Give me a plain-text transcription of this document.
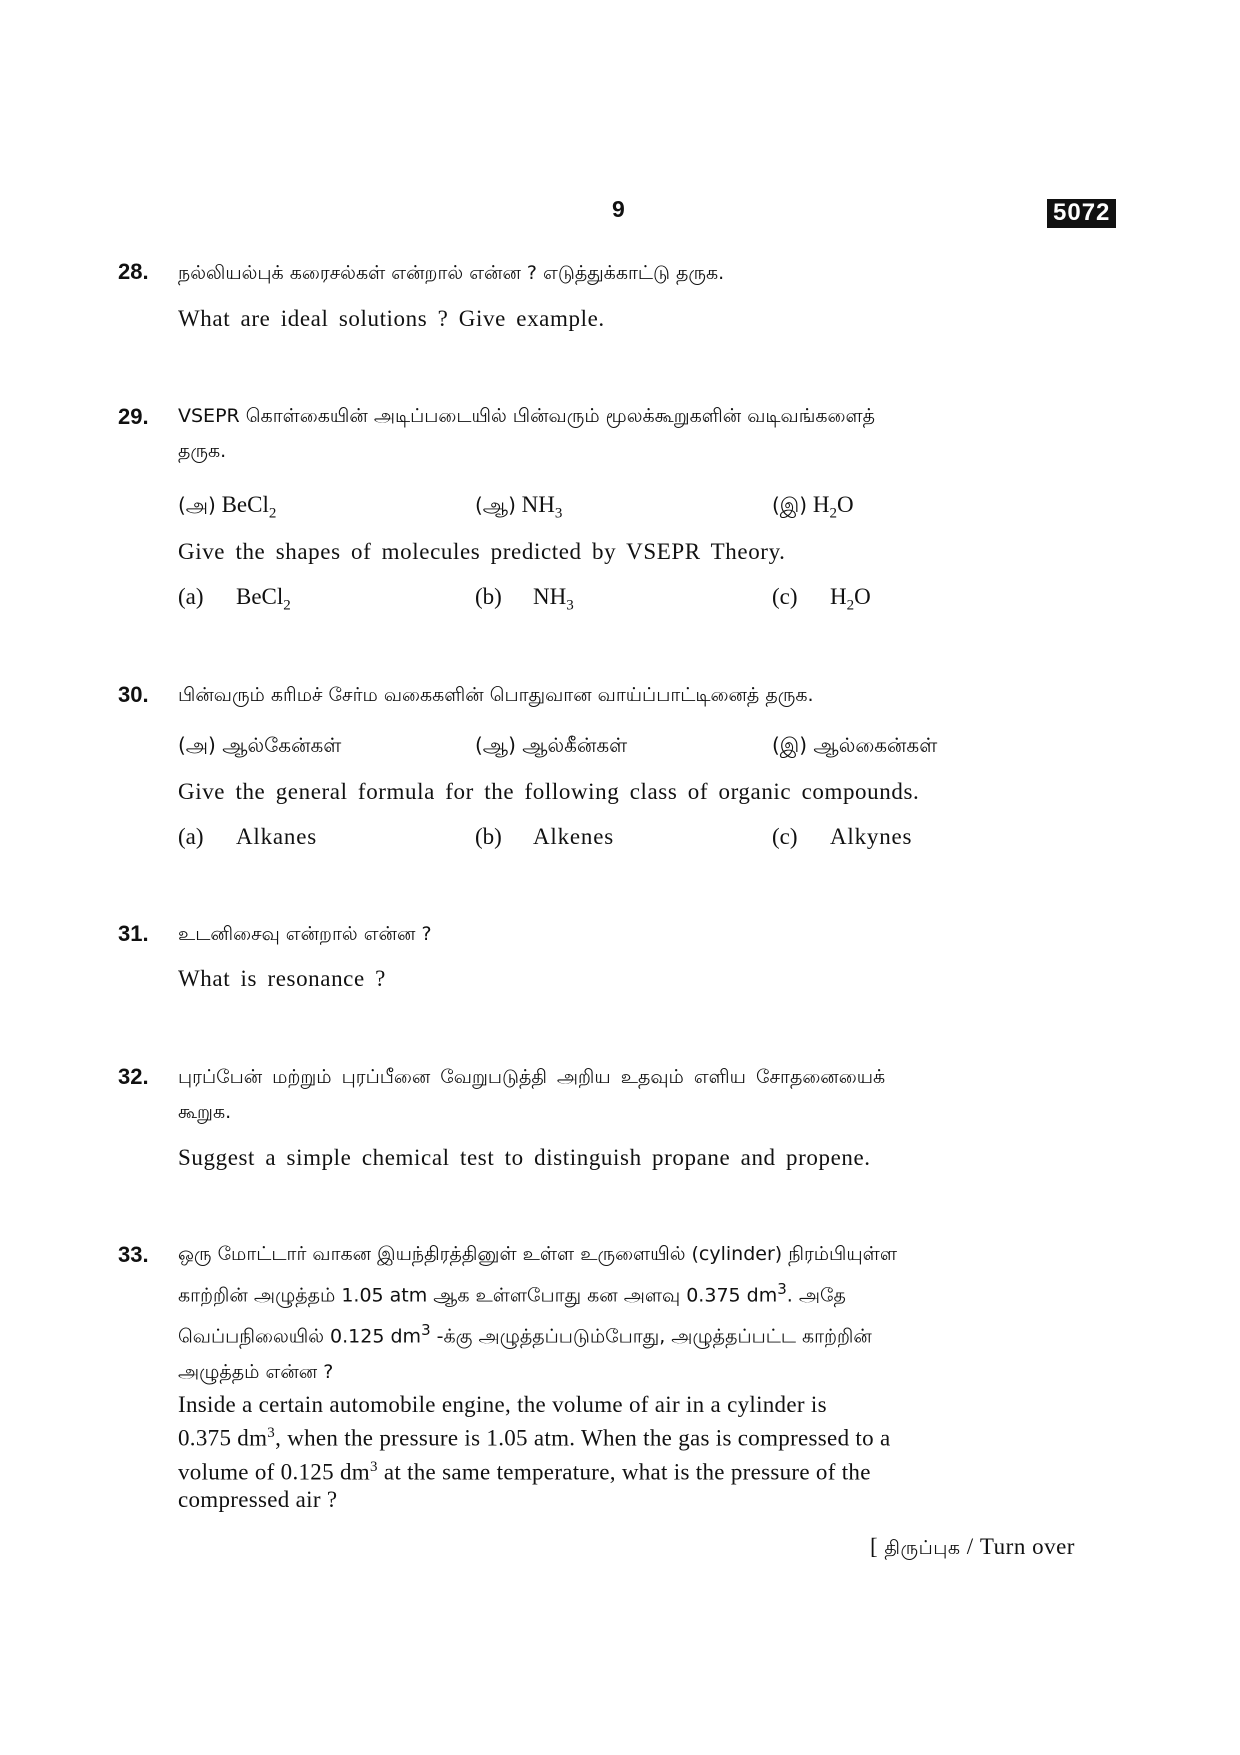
9	5072
28. நல்லியல்புக் கரைசல்கள் என்றால் என்ன ? எடுத்துக்காட்டு தருக.
What are ideal solutions ? Give example.
29. VSEPR கொள்கையின் அடிப்படையில் பின்வரும் மூலக்கூறுகளின் வடிவங்களைத்
தருக.
(அ) BeCl$_2$	(ஆ) $NH_3$	(இ) $H_2O$
Give the shapes of molecules predicted by VSEPR Theory.
(a) BeCl$_2$	(b) $NH_3$	(c) $H_2O$
30. பின்வரும் கரிமச் சேர்ம வகைகளின் பொதுவான வாய்ப்பாட்டினைத் தருக.
(அ) ஆல்கேன்கள்	(ஆ) ஆல்கீன்கள்	(இ) ஆல்கைன்கள்
Give the general formula for the following class of organic compounds.
(a) Alkanes	(b) Alkenes	(c) Alkynes
31. உடனிசைவு என்றால் என்ன ?
What is resonance ?
32. புரப்பேன் மற்றும் புரப்பீனை வேறுபடுத்தி அறிய உதவும் எளிய சோதனையைக்
கூறுக.
Suggest a simple chemical test to distinguish propane and propene.
33. ஒரு மோட்டார் வாகன இயந்திரத்தினுள் உள்ள உருளையில் (cylinder) நிரம்பியுள்ள
காற்றின் அழுத்தம் 1.05 atm ஆக உள்ளபோது கன அளவு 0.375 $dm^3$. அதே
வெப்பநிலையில் 0.125 $dm^3$ -க்கு அழுத்தப்படும்போது, அழுத்தப்பட்ட காற்றின்
அழுத்தம் என்ன ?
Inside a certain automobile engine, the volume of air in a cylinder is
0.375 $dm^3$, when the pressure is 1.05 atm. When the gas is compressed to a
volume of 0.125 $dm^3$ at the same temperature, what is the pressure of the
compressed air ?
[ திருப்புக / Turn over
